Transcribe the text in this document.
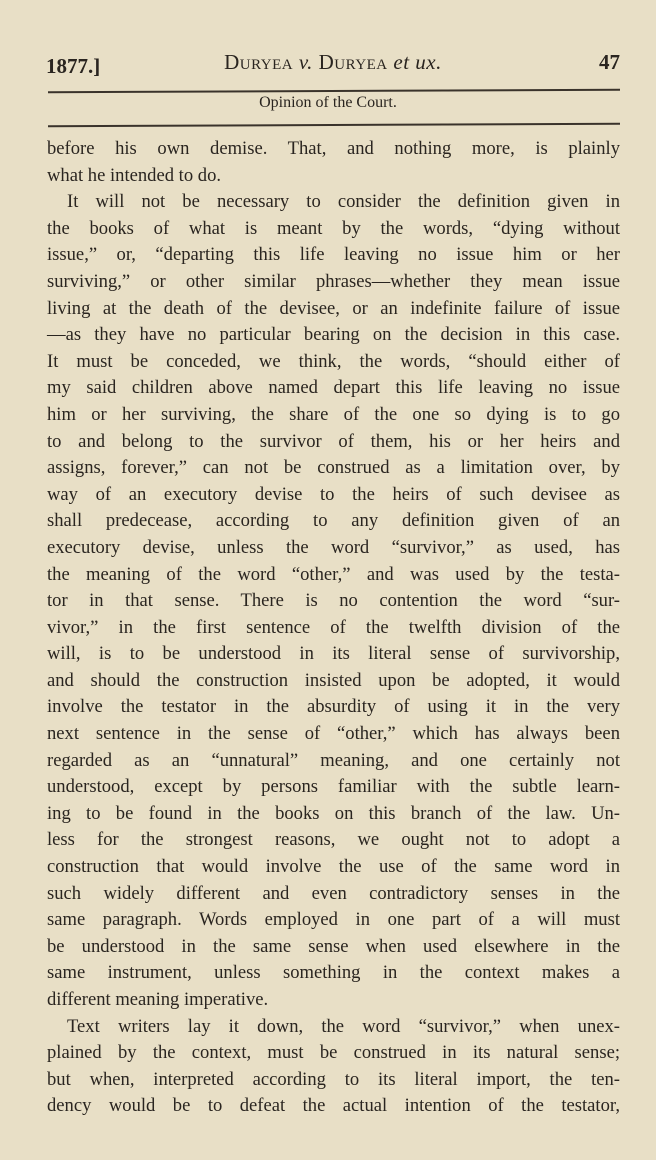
1877.]	Duryea v. Duryea et ux.	47
Opinion of the Court.
before his own demise. That, and nothing more, is plainly
what he intended to do.
It will not be necessary to consider the definition given in
the books of what is meant by the words, “dying without
issue,” or, “departing this life leaving no issue him or her
surviving,” or other similar phrases—whether they mean issue
living at the death of the devisee, or an indefinite failure of issue
—as they have no particular bearing on the decision in this case.
It must be conceded, we think, the words, “should either of
my said children above named depart this life leaving no issue
him or her surviving, the share of the one so dying is to go
to and belong to the survivor of them, his or her heirs and
assigns, forever,” can not be construed as a limitation over, by
way of an executory devise to the heirs of such devisee as
shall predecease, according to any definition given of an
executory devise, unless the word “survivor,” as used, has
the meaning of the word “other,” and was used by the testa-
tor in that sense. There is no contention the word “sur-
vivor,” in the first sentence of the twelfth division of the
will, is to be understood in its literal sense of survivorship,
and should the construction insisted upon be adopted, it would
involve the testator in the absurdity of using it in the very
next sentence in the sense of “other,” which has always been
regarded as an “unnatural” meaning, and one certainly not
understood, except by persons familiar with the subtle learn-
ing to be found in the books on this branch of the law. Un-
less for the strongest reasons, we ought not to adopt a
construction that would involve the use of the same word in
such widely different and even contradictory senses in the
same paragraph. Words employed in one part of a will must
be understood in the same sense when used elsewhere in the
same instrument, unless something in the context makes a
different meaning imperative.
Text writers lay it down, the word “survivor,” when unex-
plained by the context, must be construed in its natural sense;
but when, interpreted according to its literal import, the ten-
dency would be to defeat the actual intention of the testator,
